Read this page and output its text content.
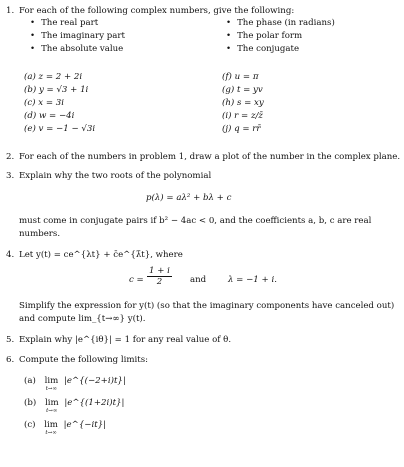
1. For each of the following complex numbers, give the following:
• The real part
• The imaginary part
• The absolute value
• The phase (in radians)
• The polar form
• The conjugate
(a) z = 2 + 2i
(b) y = √3 + 1i
(c) x = 3i
(d) w = −4i
(e) v = −1 − √3i
(f) u = π
(g) t = yv
(h) s = xy
(i) r = z/z̄
(j) q = rr̄
2. For each of the numbers in problem 1, draw a plot of the number in the complex plane.
3. Explain why the two roots of the polynomial
p(λ) = aλ² + bλ + c
must come in conjugate pairs if b² − 4ac < 0, and the coefficients a, b, c are real
numbers.
4. Let y(t) = ce^{λt} + c̄e^{λ̄t}, where
$c = \frac{1 + i}{2}$ and	λ = −1 + i.
Simplify the expression for y(t) (so that the imaginary components have canceled out)
and compute lim_{t→∞} y(t).
5. Explain why |e^{iθ}| = 1 for any real value of θ.
6. Compute the following limits:
(a) lim
t→∞
|e^{(−2+i)t}|
(b) lim
t→∞
|e^{(1+2i)t}|
(c) lim
t→∞
|e^{−it}|
